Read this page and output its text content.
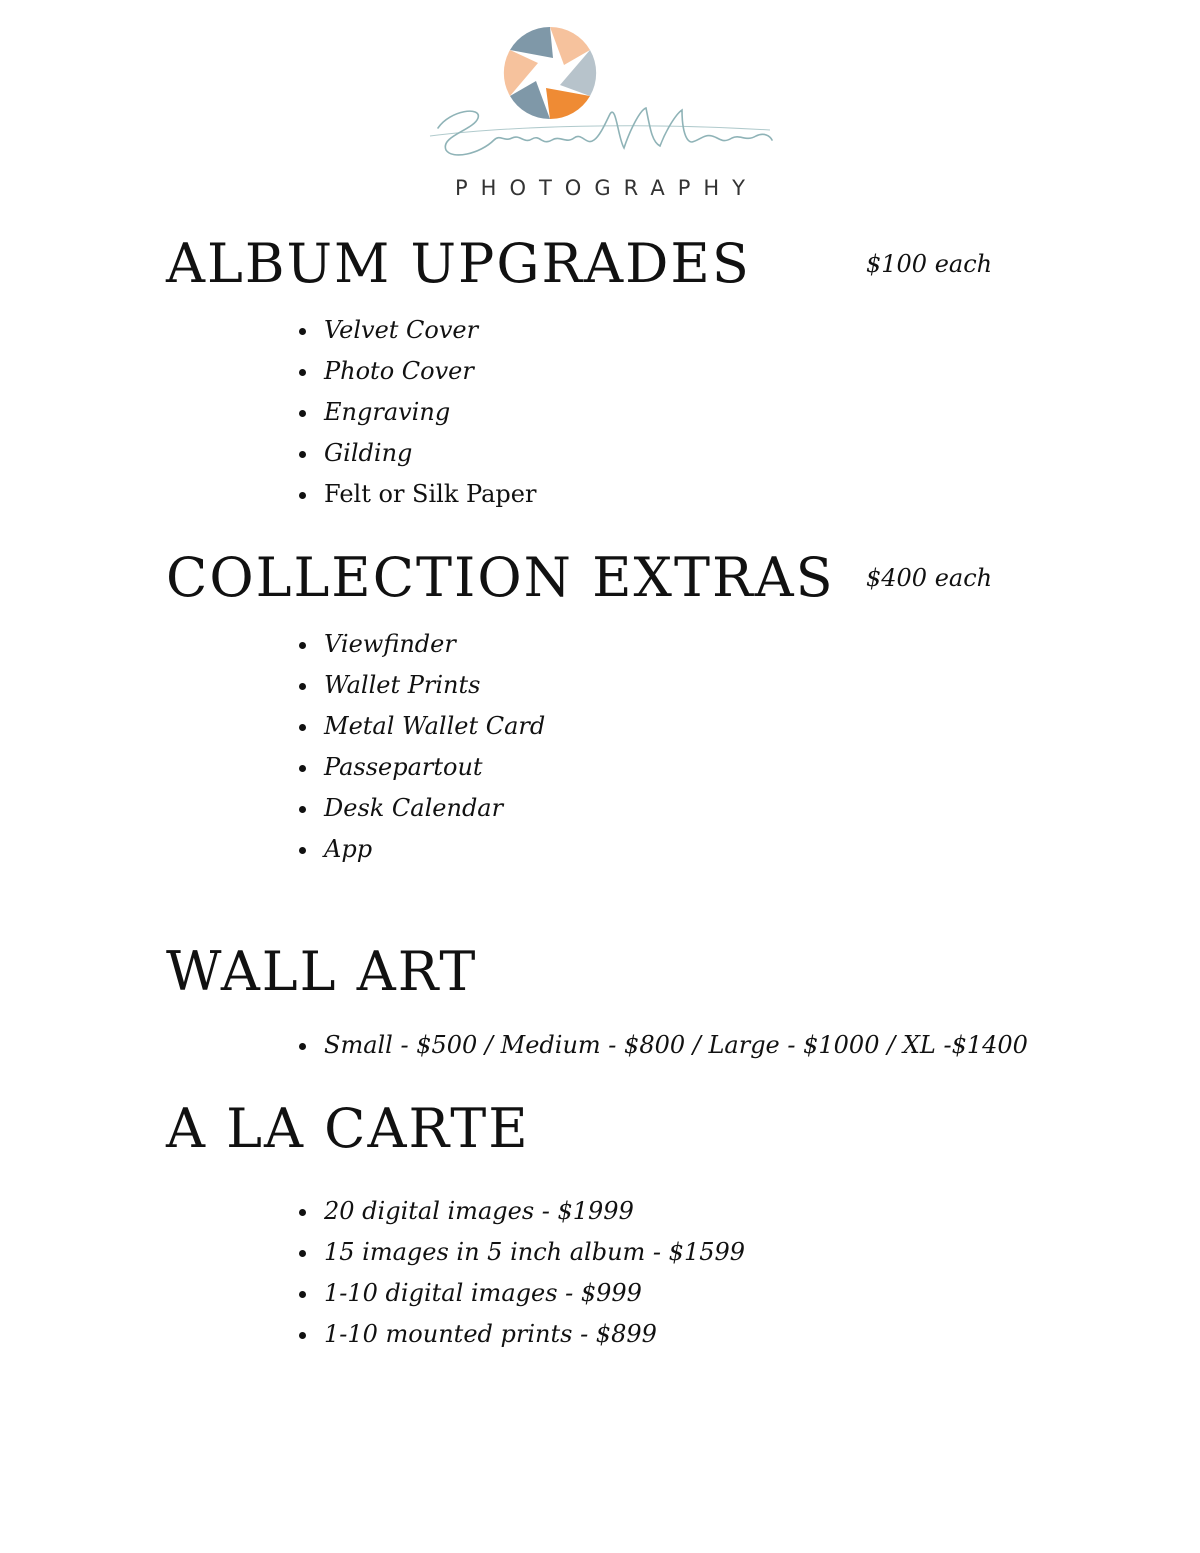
PHOTOGRAPHY
ALBUM UPGRADES	$100 each
Velvet Cover
Photo Cover
Engraving
Gilding
Felt or Silk Paper
COLLECTION EXTRAS $400 each
Viewfinder
Wallet Prints
Metal Wallet Card
Passepartout
Desk Calendar
App
WALL ART
Small - $500 / Medium - $800 / Large - $1000 / XL -$1400
A LA CARTE
20 digital images - $1999
15 images in 5 inch album - $1599
1-10 digital images - $999
1-10 mounted prints - $899
